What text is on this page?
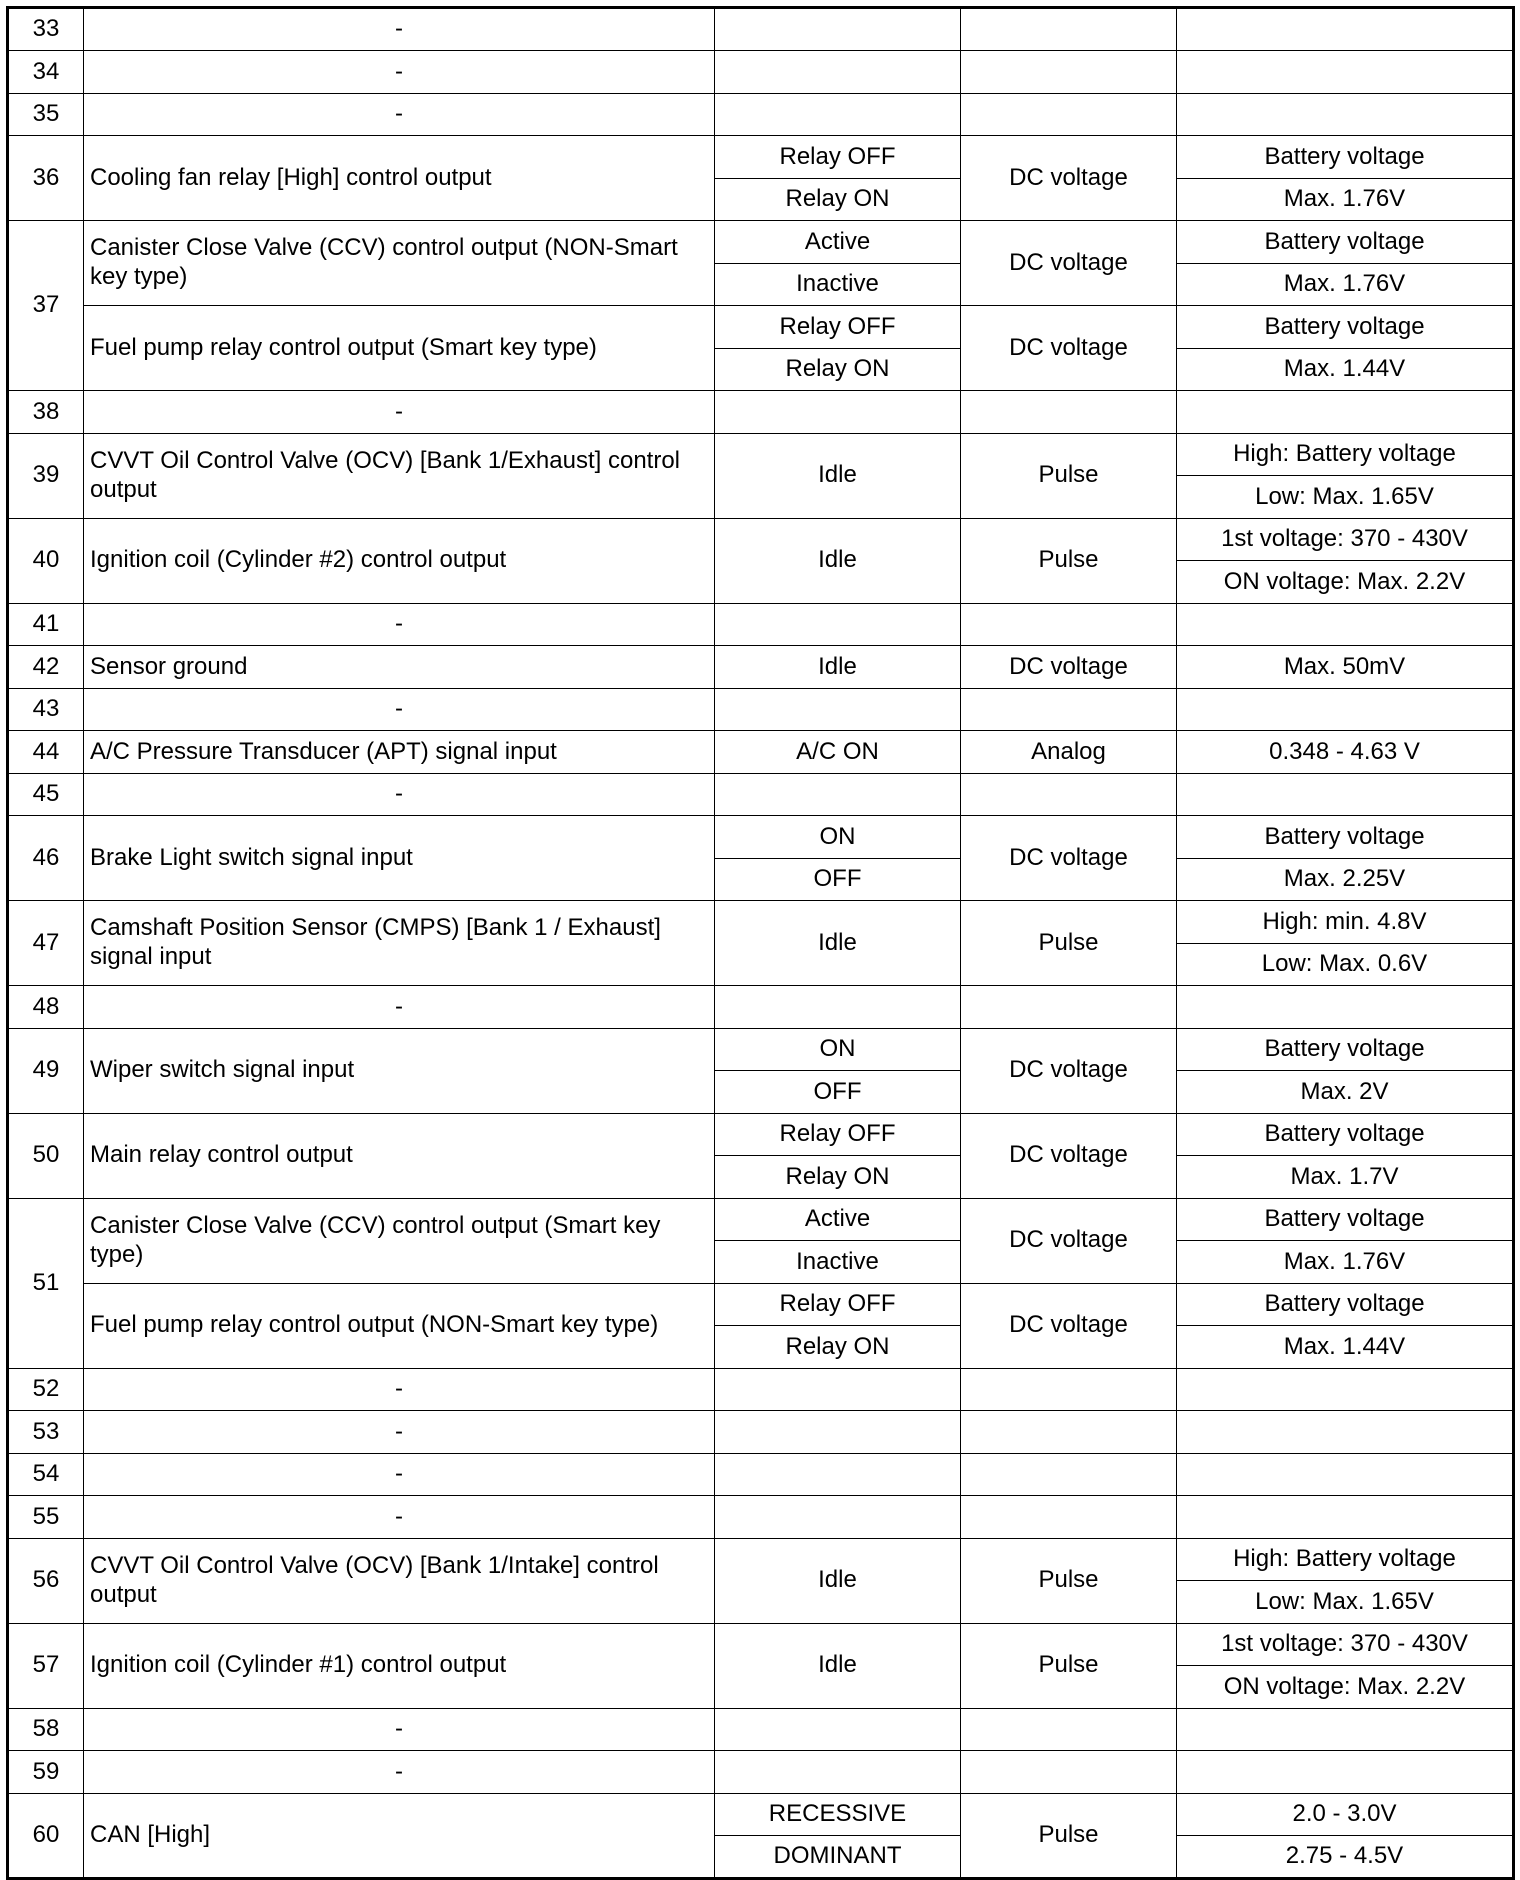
33	-			
34	-			
35	-			
36	Cooling fan relay [High] control output	Relay OFF	DC voltage	Battery voltage
		Relay ON		Max. 1.76V
37	Canister Close Valve (CCV) control output (NON-Smart key type)	Active	DC voltage	Battery voltage
		Inactive		Max. 1.76V
	Fuel pump relay control output (Smart key type)	Relay OFF	DC voltage	Battery voltage
		Relay ON		Max. 1.44V
38	-			
39	CVVT Oil Control Valve (OCV) [Bank 1/Exhaust] control output	Idle	Pulse	High: Battery voltage
				Low: Max. 1.65V
40	Ignition coil (Cylinder #2) control output	Idle	Pulse	1st voltage: 370 - 430V
				ON voltage: Max. 2.2V
41	-			
42	Sensor ground	Idle	DC voltage	Max. 50mV
43	-			
44	A/C Pressure Transducer (APT) signal input	A/C ON	Analog	0.348 - 4.63 V
45	-			
46	Brake Light switch signal input	ON	DC voltage	Battery voltage
		OFF		Max. 2.25V
47	Camshaft Position Sensor (CMPS) [Bank 1 / Exhaust] signal input	Idle	Pulse	High: min. 4.8V
				Low: Max. 0.6V
48	-			
49	Wiper switch signal input	ON	DC voltage	Battery voltage
		OFF		Max. 2V
50	Main relay control output	Relay OFF	DC voltage	Battery voltage
		Relay ON		Max. 1.7V
51	Canister Close Valve (CCV) control output (Smart key type)	Active	DC voltage	Battery voltage
		Inactive		Max. 1.76V
	Fuel pump relay control output (NON-Smart key type)	Relay OFF	DC voltage	Battery voltage
		Relay ON		Max. 1.44V
52	-			
53	-			
54	-			
55	-			
56	CVVT Oil Control Valve (OCV) [Bank 1/Intake] control output	Idle	Pulse	High: Battery voltage
				Low: Max. 1.65V
57	Ignition coil (Cylinder #1) control output	Idle	Pulse	1st voltage: 370 - 430V
				ON voltage: Max. 2.2V
58	-			
59	-			
60	CAN [High]	RECESSIVE	Pulse	2.0 - 3.0V
		DOMINANT		2.75 - 4.5V
